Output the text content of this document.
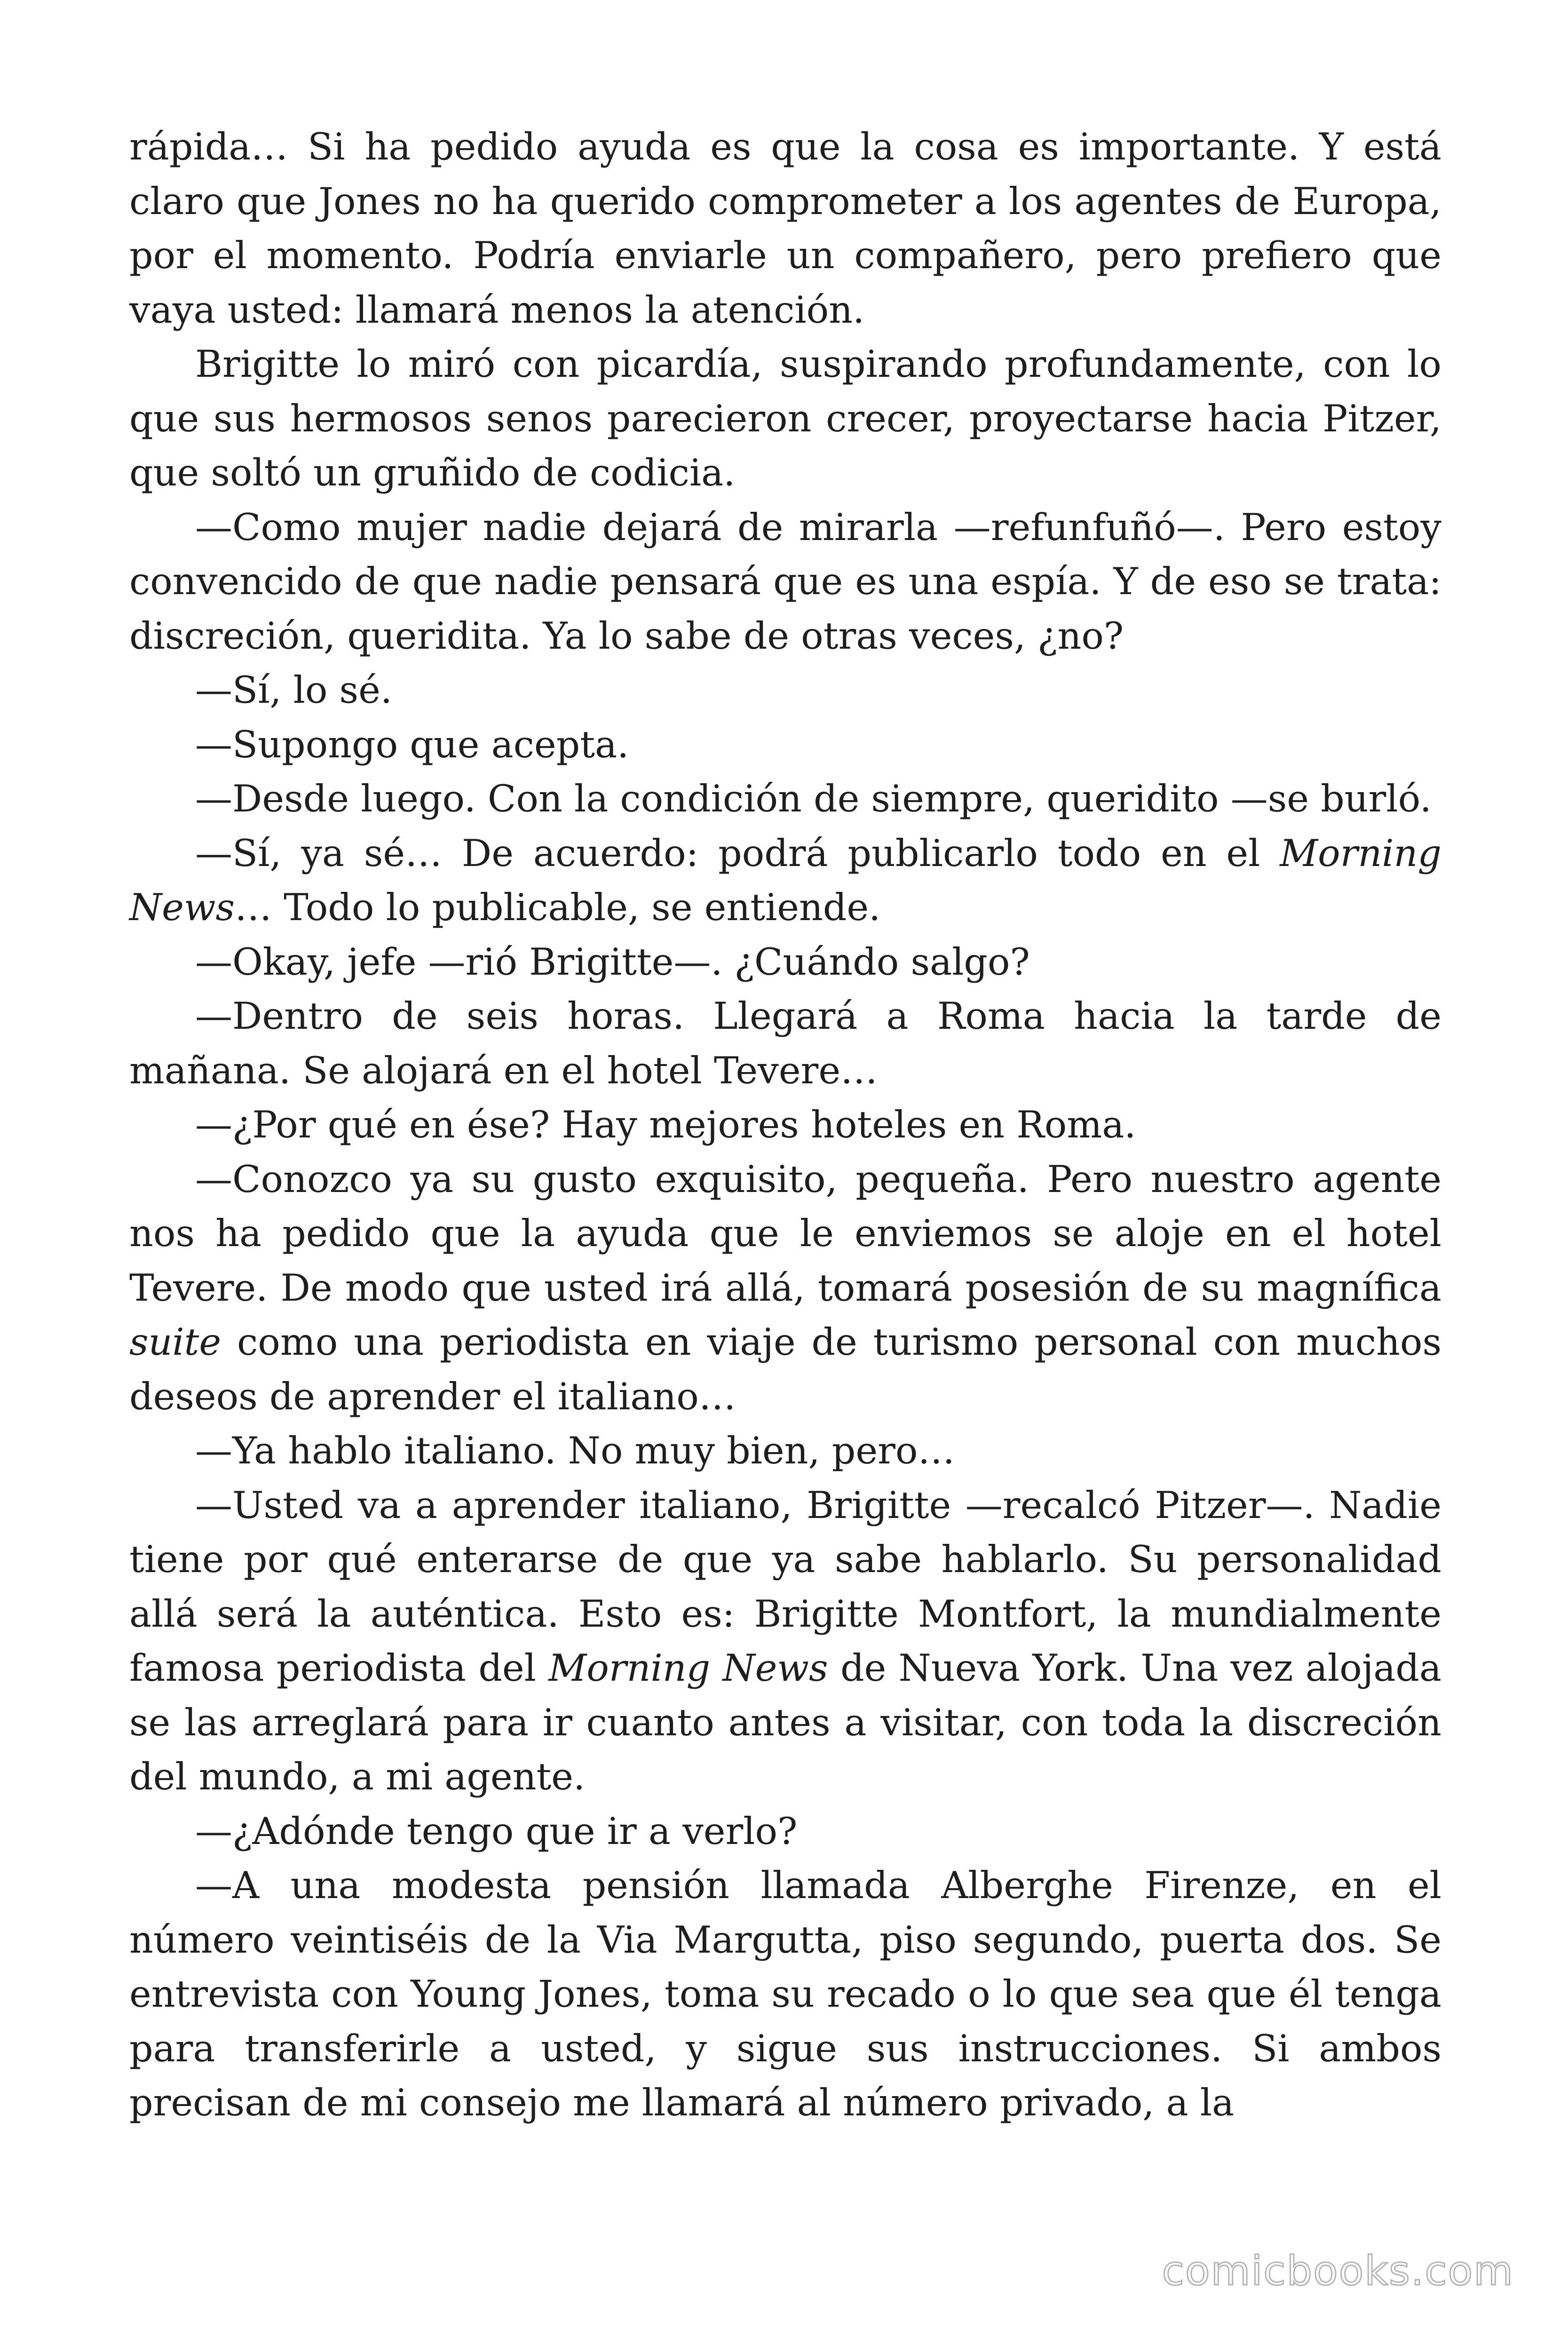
rápida… Si ha pedido ayuda es que la cosa es importante. Y está claro que Jones no ha querido comprometer a los agentes de Europa, por el momento. Podría enviarle un compañero, pero prefiero que vaya usted: llamará menos la atención.

Brigitte lo miró con picardía, suspirando profundamente, con lo que sus hermosos senos parecieron crecer, proyectarse hacia Pitzer, que soltó un gruñido de codicia.

—Como mujer nadie dejará de mirarla —refunfuñó—. Pero estoy convencido de que nadie pensará que es una espía. Y de eso se trata: discreción, queridita. Ya lo sabe de otras veces, ¿no?

—Sí, lo sé.

—Supongo que acepta.

—Desde luego. Con la condición de siempre, queridito —se burló.

—Sí, ya sé… De acuerdo: podrá publicarlo todo en el Morning News… Todo lo publicable, se entiende.

—Okay, jefe —rió Brigitte—. ¿Cuándo salgo?

—Dentro de seis horas. Llegará a Roma hacia la tarde de mañana. Se alojará en el hotel Tevere…

—¿Por qué en ése? Hay mejores hoteles en Roma.

—Conozco ya su gusto exquisito, pequeña. Pero nuestro agente nos ha pedido que la ayuda que le enviemos se aloje en el hotel Tevere. De modo que usted irá allá, tomará posesión de su magnífica suite como una periodista en viaje de turismo personal con muchos deseos de aprender el italiano…

—Ya hablo italiano. No muy bien, pero…

—Usted va a aprender italiano, Brigitte —recalcó Pitzer—. Nadie tiene por qué enterarse de que ya sabe hablarlo. Su personalidad allá será la auténtica. Esto es: Brigitte Montfort, la mundialmente famosa periodista del Morning News de Nueva York. Una vez alojada se las arreglará para ir cuanto antes a visitar, con toda la discreción del mundo, a mi agente.

—¿Adónde tengo que ir a verlo?

—A una modesta pensión llamada Alberghe Firenze, en el número veintiséis de la Via Margutta, piso segundo, puerta dos. Se entrevista con Young Jones, toma su recado o lo que sea que él tenga para transferirle a usted, y sigue sus instrucciones. Si ambos precisan de mi consejo me llamará al número privado, a la

comicbooks.com
